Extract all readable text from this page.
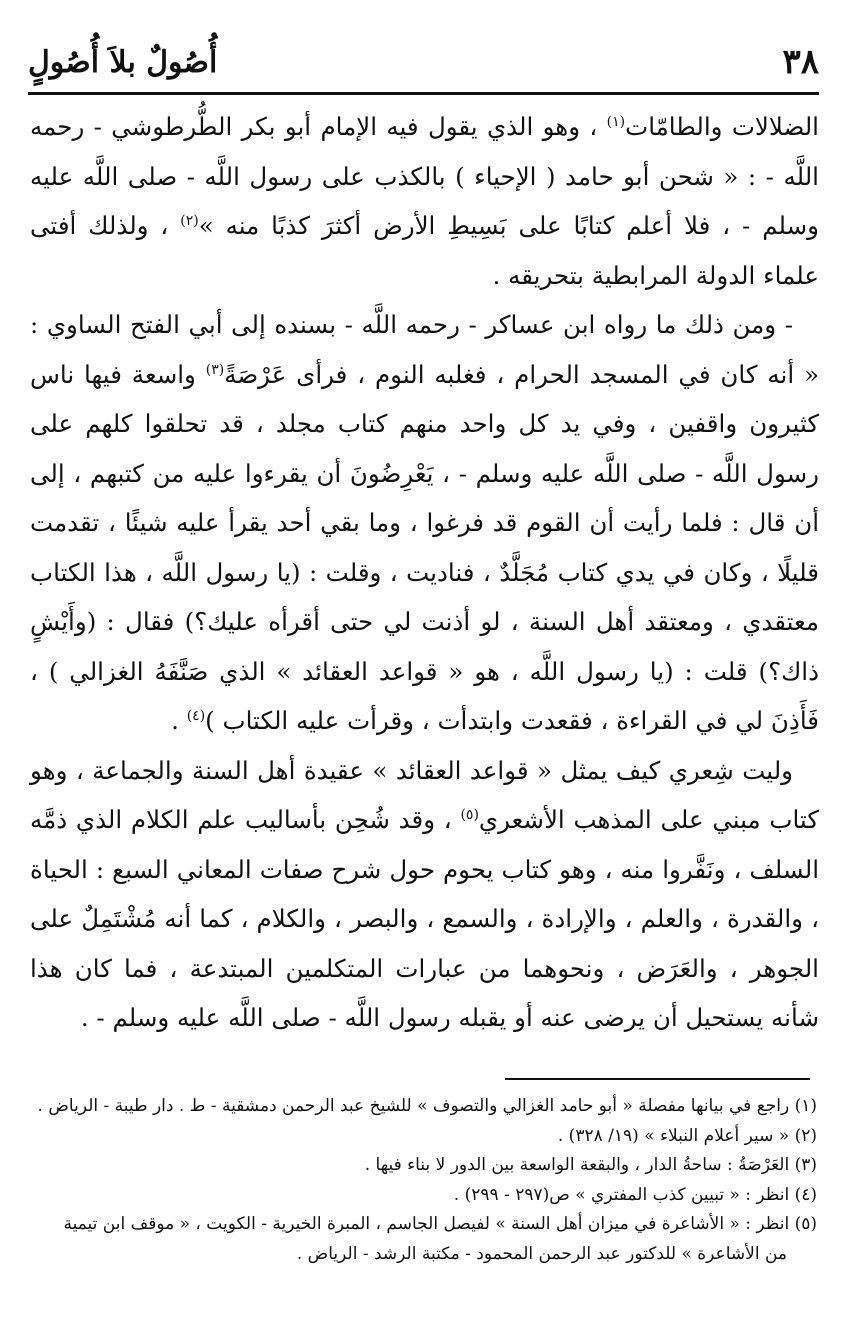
٣٨
أُصُولٌ بلاَ أُصُولٍ

الضلالات والطامّات$^{(١)}$ ، وهو الذي يقول فيه الإمام أبو بكر الطُّرطوشي - رحمه اللَّه - : « شحن أبو حامد ( الإحياء ) بالكذب على رسول اللَّه - صلى اللَّه عليه وسلم - ، فلا أعلم كتابًا على بَسِيطِ الأرض أكثرَ كذبًا منه »$^{(٢)}$ ، ولذلك أفتى علماء الدولة المرابطية بتحريقه .

- ومن ذلك ما رواه ابن عساكر - رحمه اللَّه - بسنده إلى أبي الفتح الساوي : « أنه كان في المسجد الحرام ، فغلبه النوم ، فرأى عَرْصَةً$^{(٣)}$ واسعة فيها ناس كثيرون واقفين ، وفي يد كل واحد منهم كتاب مجلد ، قد تحلقوا كلهم على رسول اللَّه - صلى اللَّه عليه وسلم - ، يَعْرِضُونَ أن يقرءوا عليه من كتبهم ، إلى أن قال : فلما رأيت أن القوم قد فرغوا ، وما بقي أحد يقرأ عليه شيئًا ، تقدمت قليلًا ، وكان في يدي كتاب مُجَلَّدٌ ، فناديت ، وقلت : (يا رسول اللَّه ، هذا الكتاب معتقدي ، ومعتقد أهل السنة ، لو أذنت لي حتى أقرأه عليك؟) فقال : (وأَيْشٍ ذاك؟) قلت : (يا رسول اللَّه ، هو « قواعد العقائد » الذي صَنَّفَهُ الغزالي ) ، فَأَذِنَ لي في القراءة ، فقعدت وابتدأت ، وقرأت عليه الكتاب )$^{(٤)}$ .

وليت شِعري كيف يمثل « قواعد العقائد » عقيدة أهل السنة والجماعة ، وهو كتاب مبني على المذهب الأشعري$^{(٥)}$ ، وقد شُحِن بأساليب علم الكلام الذي ذمَّه السلف ، ونَفَّروا منه ، وهو كتاب يحوم حول شرح صفات المعاني السبع : الحياة ، والقدرة ، والعلم ، والإرادة ، والسمع ، والبصر ، والكلام ، كما أنه مُشْتَمِلٌ على الجوهر ، والعَرَض ، ونحوهما من عبارات المتكلمين المبتدعة ، فما كان هذا شأنه يستحيل أن يرضى عنه أو يقبله رسول اللَّه - صلى اللَّه عليه وسلم - .

(١) راجع في بيانها مفصلة « أبو حامد الغزالي والتصوف » للشيخ عبد الرحمن دمشقية - ط . دار طيبة - الرياض .

(٢) « سير أعلام النبلاء » (١٩/ ٣٢٨) .

(٣) العَرْصَةُ : ساحةُ الدار ، والبقعة الواسعة بين الدور لا بناء فيها .

(٤) انظر : « تبيين كذب المفتري » ص(٢٩٧ - ٢٩٩) .

(٥) انظر : « الأشاعرة في ميزان أهل السنة » لفيصل الجاسم ، المبرة الخيرية - الكويت ، « موقف ابن تيمية

من الأشاعرة » للدكتور عبد الرحمن المحمود - مكتبة الرشد - الرياض .
